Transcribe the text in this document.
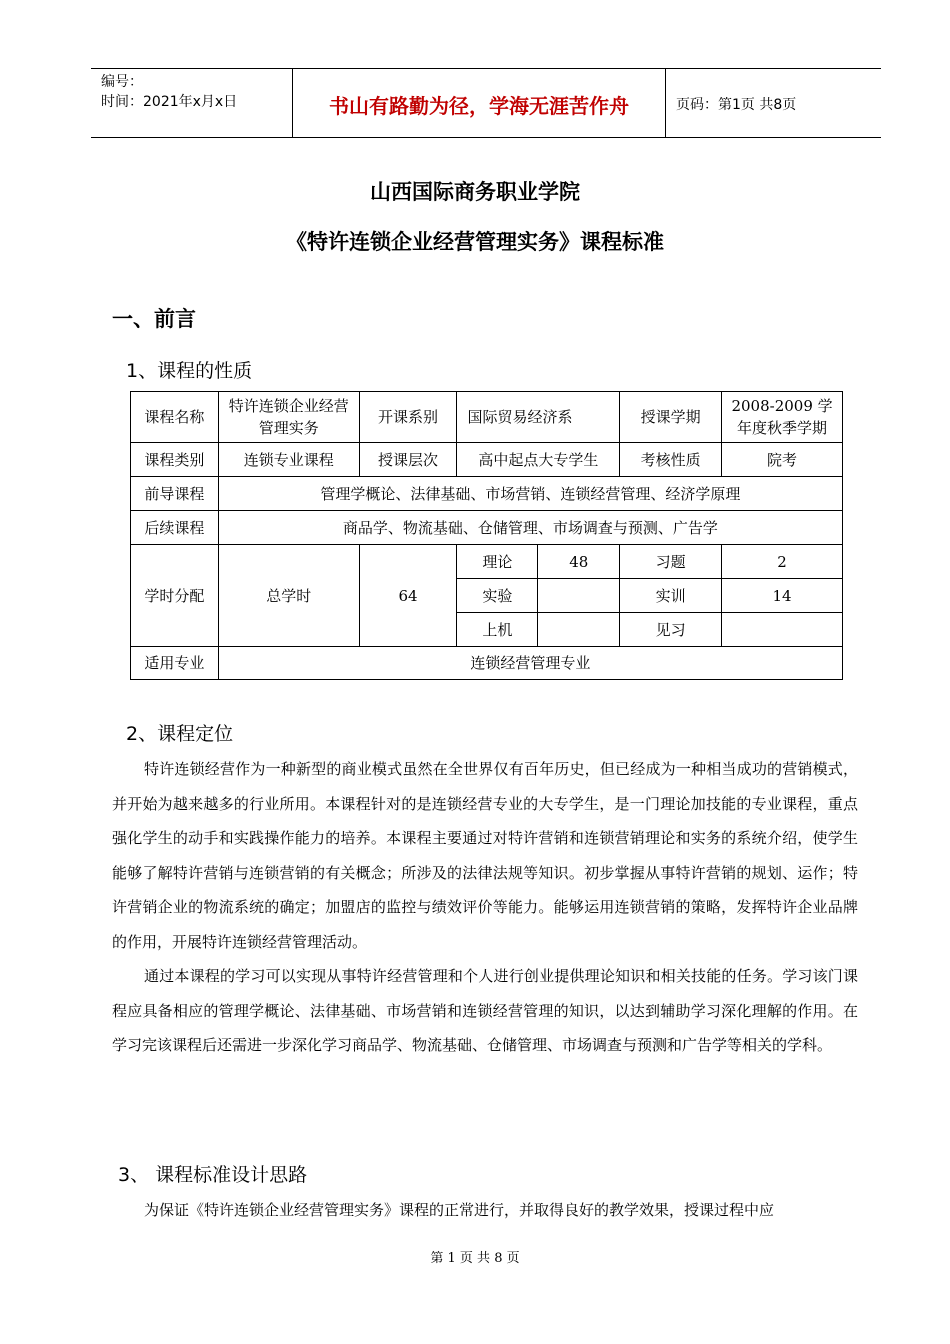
编号：
时间：2021年x月x日	书山有路勤为径，学海无涯苦作舟	页码：第1页 共8页
山西国际商务职业学院
《特许连锁企业经营管理实务》课程标准
一、前言
1、课程的性质
课程名称	特许连锁企业经营管理实务	开课系别	国际贸易经济系		授课学期	2008-2009 学年度秋季学期
课程类别	连锁专业课程	授课层次	高中起点大专学生		考核性质	院考
前导课程	管理学概论、法律基础、市场营销、连锁经营管理、经济学原理					
后续课程	商品学、物流基础、仓储管理、市场调查与预测、广告学					
学时分配	总学时	64	理论	48	习题	2
			实验		实训	14
			上机		见习	
适用专业	连锁经营管理专业					
2、课程定位

特许连锁经营作为一种新型的商业模式虽然在全世界仅有百年历史，但已经成为一种相当成功的营销模式，并开始为越来越多的行业所用。本课程针对的是连锁经营专业的大专学生，是一门理论加技能的专业课程，重点强化学生的动手和实践操作能力的培养。本课程主要通过对特许营销和连锁营销理论和实务的系统介绍，使学生能够了解特许营销与连锁营销的有关概念；所涉及的法律法规等知识。初步掌握从事特许营销的规划、运作；特许营销企业的物流系统的确定；加盟店的监控与绩效评价等能力。能够运用连锁营销的策略，发挥特许企业品牌的作用，开展特许连锁经营管理活动。

通过本课程的学习可以实现从事特许经营管理和个人进行创业提供理论知识和相关技能的任务。学习该门课程应具备相应的管理学概论、法律基础、市场营销和连锁经营管理的知识，以达到辅助学习深化理解的作用。在学习完该课程后还需进一步深化学习商品学、物流基础、仓储管理、市场调查与预测和广告学等相关的学科。

3、 课程标准设计思路

为保证《特许连锁企业经营管理实务》课程的正常进行，并取得良好的教学效果，授课过程中应

第 1 页 共 8 页
